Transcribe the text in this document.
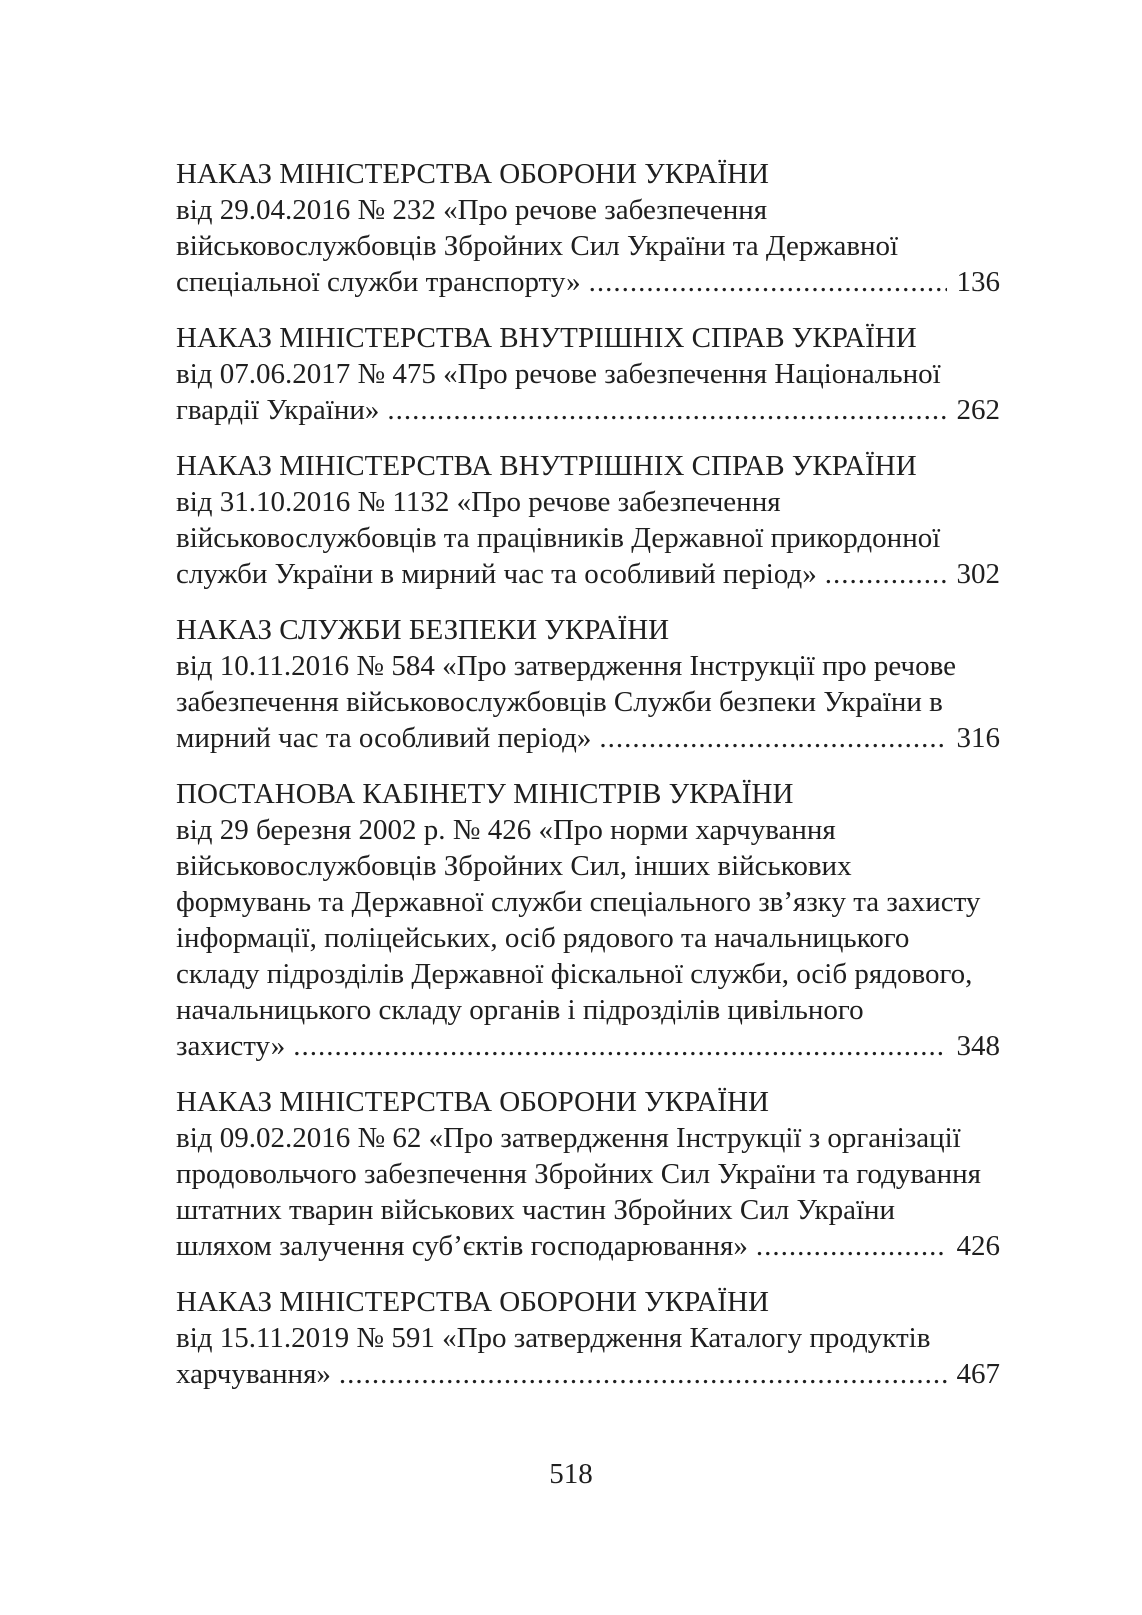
НАКАЗ МІНІСТЕРСТВА ОБОРОНИ УКРАЇНИ
від 29.04.2016 № 232 «Про речове забезпечення
військовослужбовців Збройних Сил України та Державної
спеціальної служби транспорту» .....	136
НАКАЗ МІНІСТЕРСТВА ВНУТРІШНІХ СПРАВ УКРАЇНИ
від 07.06.2017 № 475 «Про речове забезпечення Національної
гвардії України» .....	262
НАКАЗ МІНІСТЕРСТВА ВНУТРІШНІХ СПРАВ УКРАЇНИ
від 31.10.2016 № 1132 «Про речове забезпечення
військовослужбовців та працівників Державної прикордонної
служби України в мирний час та особливий період» .....	302
НАКАЗ СЛУЖБИ БЕЗПЕКИ УКРАЇНИ
від 10.11.2016 № 584 «Про затвердження Інструкції про речове
забезпечення військовослужбовців Служби безпеки України в
мирний час та особливий період» .....	316
ПОСТАНОВА КАБІНЕТУ МІНІСТРІВ УКРАЇНИ
від 29 березня 2002 р. № 426 «Про норми харчування
військовослужбовців Збройних Сил, інших військових
формувань та Державної служби спеціального зв’язку та захисту
інформації, поліцейських, осіб рядового та начальницького
складу підрозділів Державної фіскальної служби, осіб рядового,
начальницького складу органів і підрозділів цивільного
захисту» .....	348
НАКАЗ МІНІСТЕРСТВА ОБОРОНИ УКРАЇНИ
від 09.02.2016 № 62 «Про затвердження Інструкції з організації
продовольчого забезпечення Збройних Сил України та годування
штатних тварин військових частин Збройних Сил України
шляхом залучення суб’єктів господарювання» .....	426
НАКАЗ МІНІСТЕРСТВА ОБОРОНИ УКРАЇНИ
від 15.11.2019 № 591 «Про затвердження Каталогу продуктів
харчування» .....	467
518
